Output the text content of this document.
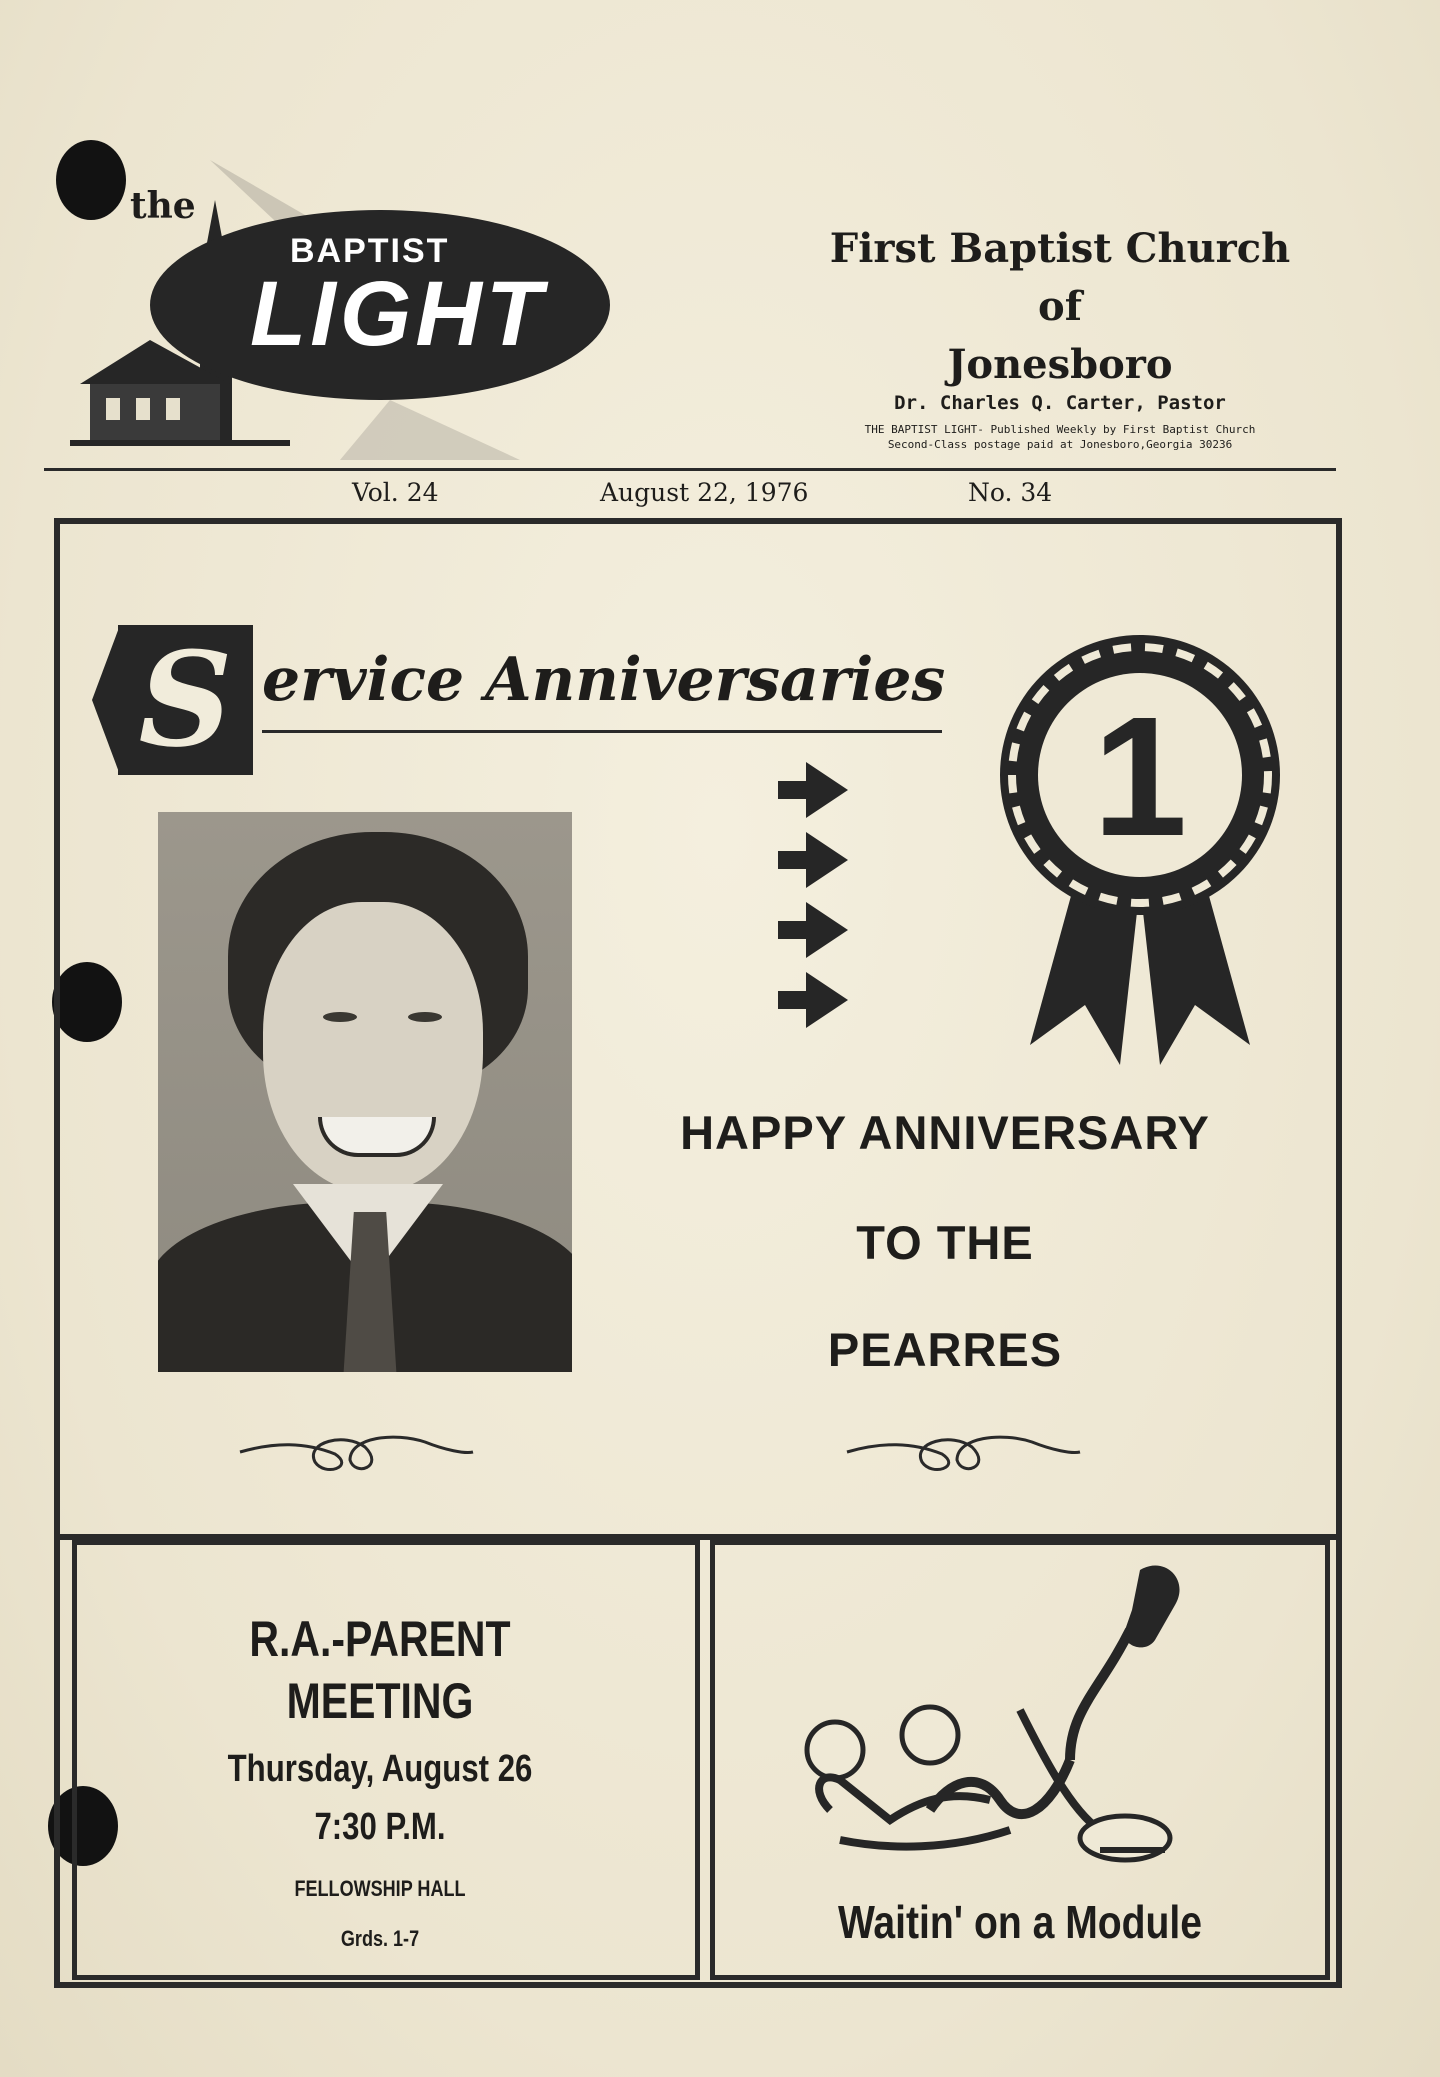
the
BAPTIST
LIGHT
First Baptist Church
of
Jonesboro
Dr. Charles Q. Carter, Pastor
THE BAPTIST LIGHT- Published Weekly by First Baptist Church
Second-Class postage paid at Jonesboro,Georgia 30236
Vol. 24	August 22, 1976	No. 34
S ervice Anniversaries
1
HAPPY ANNIVERSARY
TO THE
PEARRES
R.A.-PARENT
MEETING
Thursday, August 26
7:30 P.M.
FELLOWSHIP HALL
Grds. 1-7	Waitin' on a Module
